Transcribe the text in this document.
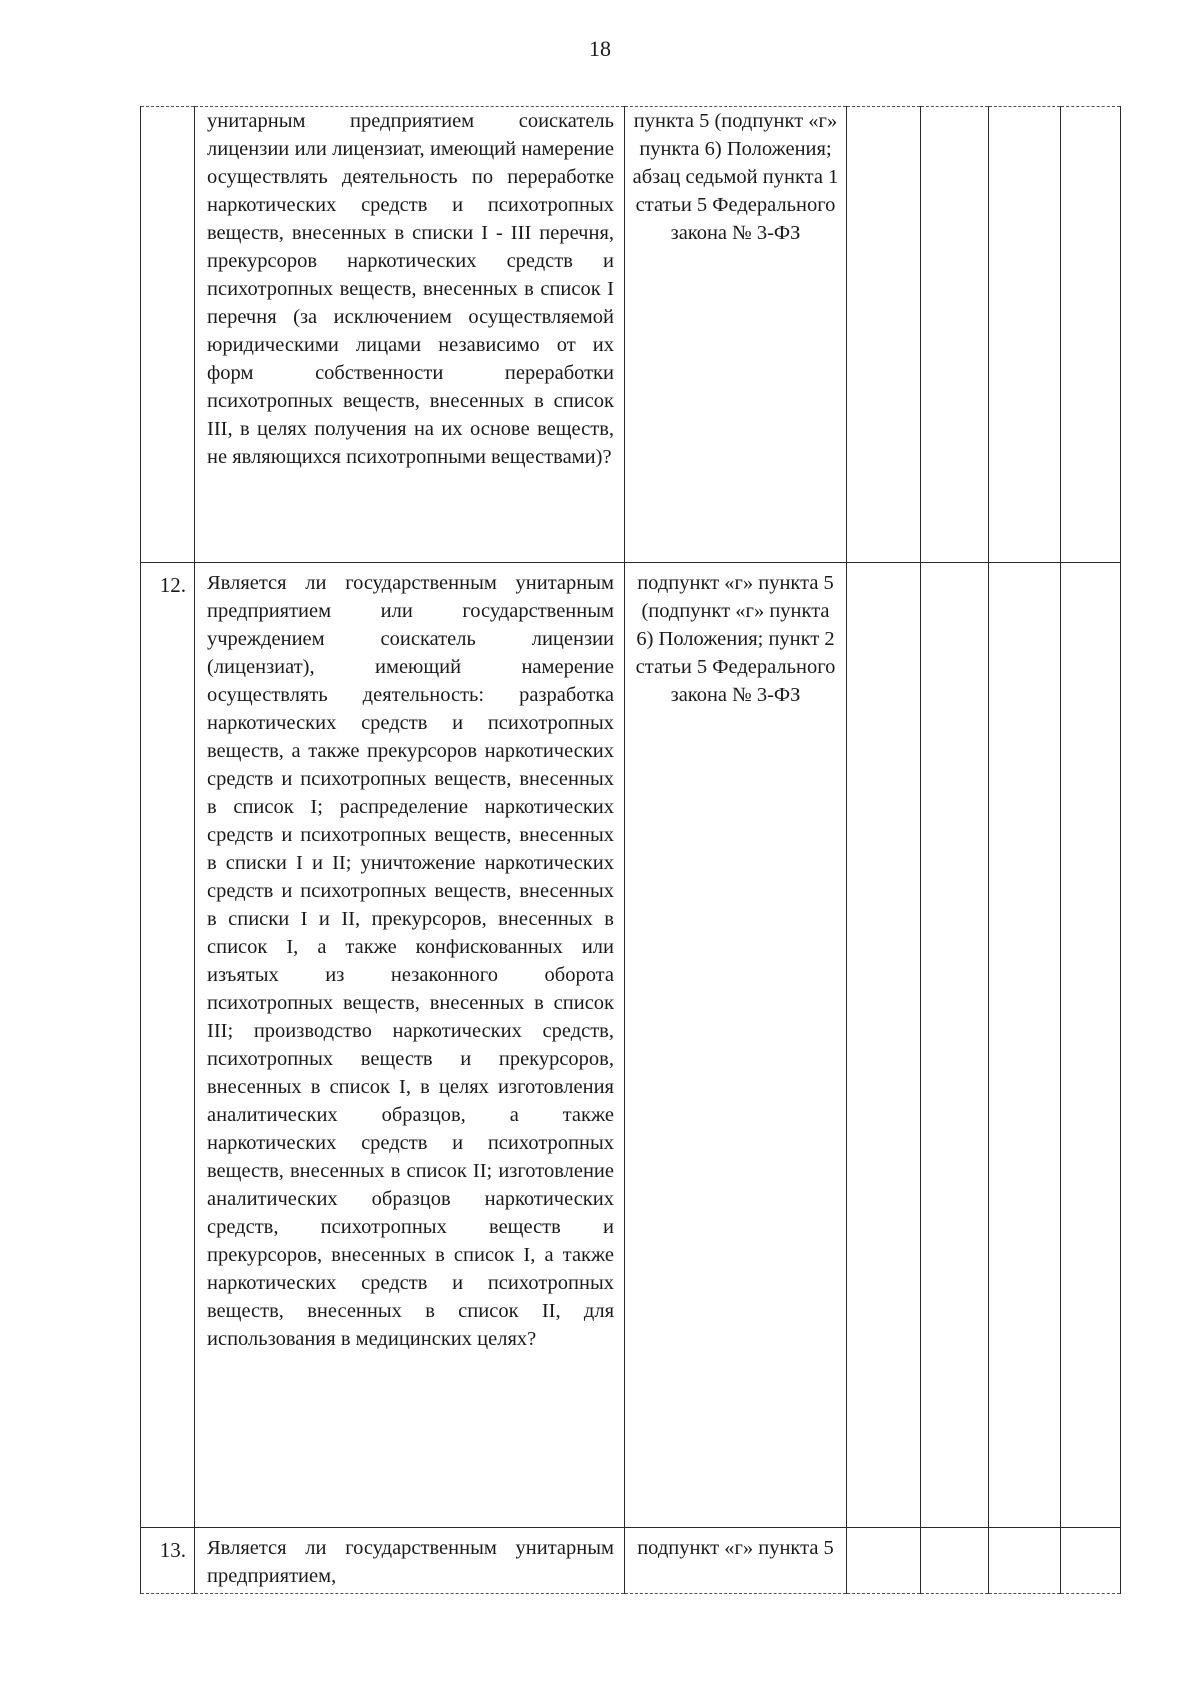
18
	унитарным предприятием соискатель лицензии или лицензиат, имеющий намерение осуществлять деятельность по переработке наркотических средств и психотропных веществ, внесенных в списки I - III перечня, прекурсоров наркотических средств и психотропных веществ, внесенных в список I перечня (за исключением осуществляемой юридическими лицами независимо от их форм собственности переработки психотропных веществ, внесенных в список III, в целях получения на их основе веществ, не являющихся психотропными веществами)?	пункта 5 (подпункт «г» пункта 6) Положения; абзац седьмой пункта 1 статьи 5 Федерального закона № 3-ФЗ				
12.	Является ли государственным унитарным предприятием или государственным учреждением соискатель лицензии (лицензиат), имеющий намерение осуществлять деятельность: разработка наркотических средств и психотропных веществ, а также прекурсоров наркотических средств и психотропных веществ, внесенных в список I; распределение наркотических средств и психотропных веществ, внесенных в списки I и II; уничтожение наркотических средств и психотропных веществ, внесенных в списки I и II, прекурсоров, внесенных в список I, а также конфискованных или изъятых из незаконного оборота психотропных веществ, внесенных в список III; производство наркотических средств, психотропных веществ и прекурсоров, внесенных в список I, в целях изготовления аналитических образцов, а также наркотических средств и психотропных веществ, внесенных в список II; изготовление аналитических образцов наркотических средств, психотропных веществ и прекурсоров, внесенных в список I, а также наркотических средств и психотропных веществ, внесенных в список II, для использования в медицинских целях?	подпункт «г» пункта 5 (подпункт «г» пункта 6) Положения; пункт 2 статьи 5 Федерального закона № 3-ФЗ				
13.	Является ли государственным унитарным предприятием,	подпункт «г» пункта 5				
